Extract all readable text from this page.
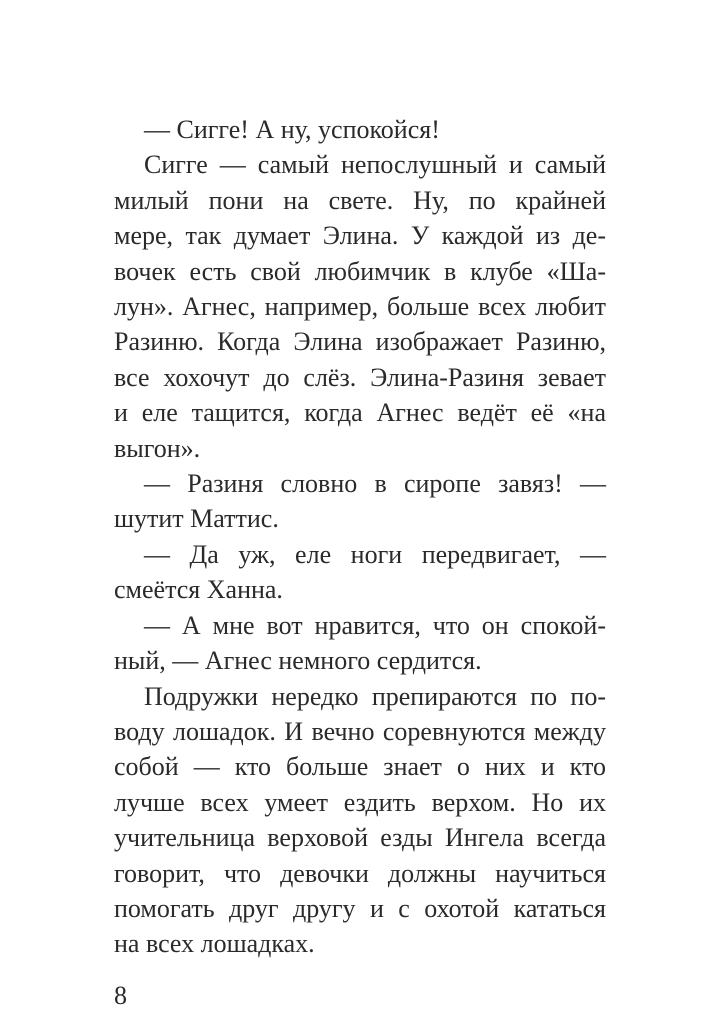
— Сигге! А ну, успокойся!
Сигге — самый непослушный и самый
милый пони на свете. Ну, по крайней
мере, так думает Элина. У каждой из де-
вочек есть свой любимчик в клубе «Ша-
лун». Агнес, например, больше всех любит
Разиню. Когда Элина изображает Разиню,
все хохочут до слёз. Элина-Разиня зевает
и еле тащится, когда Агнес ведёт её «на
выгон».
— Разиня словно в сиропе завяз! —
шутит Маттис.
— Да уж, еле ноги передвигает, —
смеётся Ханна.
— А мне вот нравится, что он спокой-
ный, — Агнес немного сердится.
Подружки нередко препираются по по-
воду лошадок. И вечно соревнуются между
собой — кто больше знает о них и кто
лучше всех умеет ездить верхом. Но их
учительница верховой езды Ингела всегда
говорит, что девочки должны научиться
помогать друг другу и с охотой кататься
на всех лошадках.
8
